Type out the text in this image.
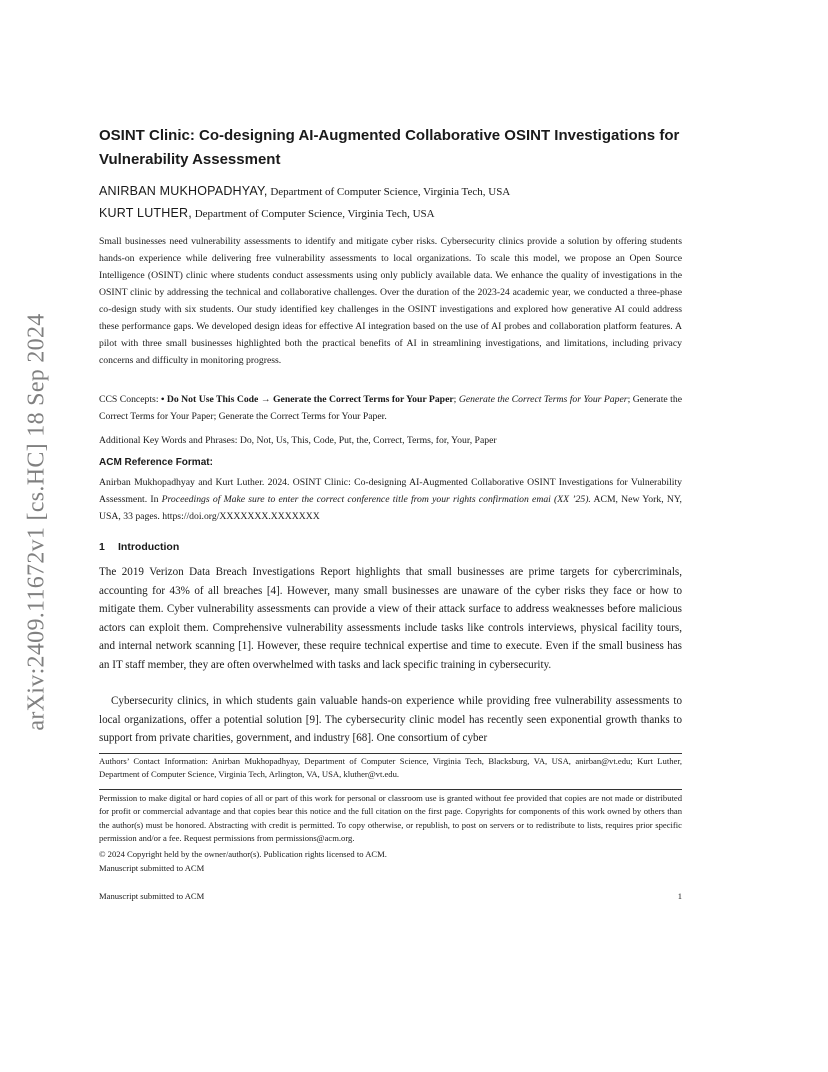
arXiv:2409.11672v1 [cs.HC] 18 Sep 2024
OSINT Clinic: Co-designing AI-Augmented Collaborative OSINT Investigations for Vulnerability Assessment
ANIRBAN MUKHOPADHYAY, Department of Computer Science, Virginia Tech, USA
KURT LUTHER, Department of Computer Science, Virginia Tech, USA

Small businesses need vulnerability assessments to identify and mitigate cyber risks. Cybersecurity clinics provide a solution by offering students hands-on experience while delivering free vulnerability assessments to local organizations. To scale this model, we propose an Open Source Intelligence (OSINT) clinic where students conduct assessments using only publicly available data. We enhance the quality of investigations in the OSINT clinic by addressing the technical and collaborative challenges. Over the duration of the 2023-24 academic year, we conducted a three-phase co-design study with six students. Our study identified key challenges in the OSINT investigations and explored how generative AI could address these performance gaps. We developed design ideas for effective AI integration based on the use of AI probes and collaboration platform features. A pilot with three small businesses highlighted both the practical benefits of AI in streamlining investigations, and limitations, including privacy concerns and difficulty in monitoring progress.

CCS Concepts: • Do Not Use This Code → Generate the Correct Terms for Your Paper; Generate the Correct Terms for Your Paper; Generate the Correct Terms for Your Paper; Generate the Correct Terms for Your Paper.

Additional Key Words and Phrases: Do, Not, Us, This, Code, Put, the, Correct, Terms, for, Your, Paper

ACM Reference Format:

Anirban Mukhopadhyay and Kurt Luther. 2024. OSINT Clinic: Co-designing AI-Augmented Collaborative OSINT Investigations for Vulnerability Assessment. In Proceedings of Make sure to enter the correct conference title from your rights confirmation emai (XX ’25). ACM, New York, NY, USA, 33 pages. https://doi.org/XXXXXXX.XXXXXXX

1 Introduction

The 2019 Verizon Data Breach Investigations Report highlights that small businesses are prime targets for cybercriminals, accounting for 43% of all breaches [4]. However, many small businesses are unaware of the cyber risks they face or how to mitigate them. Cyber vulnerability assessments can provide a view of their attack surface to address weaknesses before malicious actors can exploit them. Comprehensive vulnerability assessments include tasks like controls interviews, physical facility tours, and internal network scanning [1]. However, these require technical expertise and time to execute. Even if the small business has an IT staff member, they are often overwhelmed with tasks and lack specific training in cybersecurity.

Cybersecurity clinics, in which students gain valuable hands-on experience while providing free vulnerability assessments to local organizations, offer a potential solution [9]. The cybersecurity clinic model has recently seen exponential growth thanks to support from private charities, government, and industry [68]. One consortium of cyber

Authors’ Contact Information: Anirban Mukhopadhyay, Department of Computer Science, Virginia Tech, Blacksburg, VA, USA, anirban@vt.edu; Kurt Luther, Department of Computer Science, Virginia Tech, Arlington, VA, USA, kluther@vt.edu.

Permission to make digital or hard copies of all or part of this work for personal or classroom use is granted without fee provided that copies are not made or distributed for profit or commercial advantage and that copies bear this notice and the full citation on the first page. Copyrights for components of this work owned by others than the author(s) must be honored. Abstracting with credit is permitted. To copy otherwise, or republish, to post on servers or to redistribute to lists, requires prior specific permission and/or a fee. Request permissions from permissions@acm.org.

© 2024 Copyright held by the owner/author(s). Publication rights licensed to ACM.

Manuscript submitted to ACM

Manuscript submitted to ACM	1
